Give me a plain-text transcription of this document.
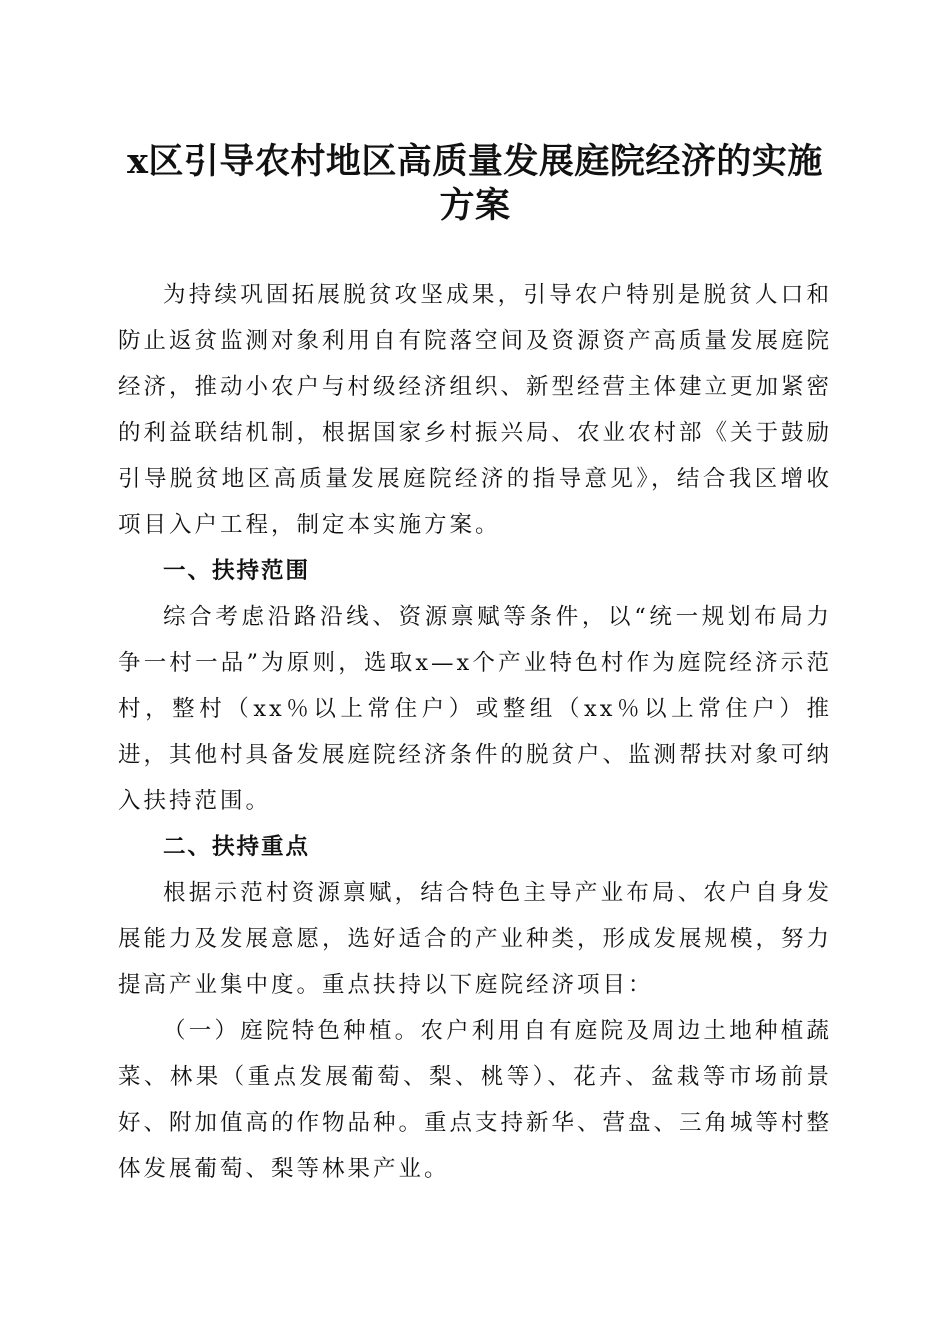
x区引导农村地区高质量发展庭院经济的实施
方案

为持续巩固拓展脱贫攻坚成果，引导农户特别是脱贫人口和防止返贫监测对象利用自有院落空间及资源资产高质量发展庭院经济，推动小农户与村级经济组织、新型经营主体建立更加紧密的利益联结机制，根据国家乡村振兴局、农业农村部《关于鼓励引导脱贫地区高质量发展庭院经济的指导意见》，结合我区增收项目入户工程，制定本实施方案。

一、扶持范围

综合考虑沿路沿线、资源禀赋等条件，以“统一规划布局力争一村一品”为原则，选取x—x个产业特色村作为庭院经济示范村，整村（xx％以上常住户）或整组（xx％以上常住户）推进，其他村具备发展庭院经济条件的脱贫户、监测帮扶对象可纳入扶持范围。

二、扶持重点

根据示范村资源禀赋，结合特色主导产业布局、农户自身发展能力及发展意愿，选好适合的产业种类，形成发展规模，努力提高产业集中度。重点扶持以下庭院经济项目：

（一）庭院特色种植。农户利用自有庭院及周边土地种植蔬菜、林果（重点发展葡萄、梨、桃等）、花卉、盆栽等市场前景好、附加值高的作物品种。重点支持新华、营盘、三角城等村整体发展葡萄、梨等林果产业。
